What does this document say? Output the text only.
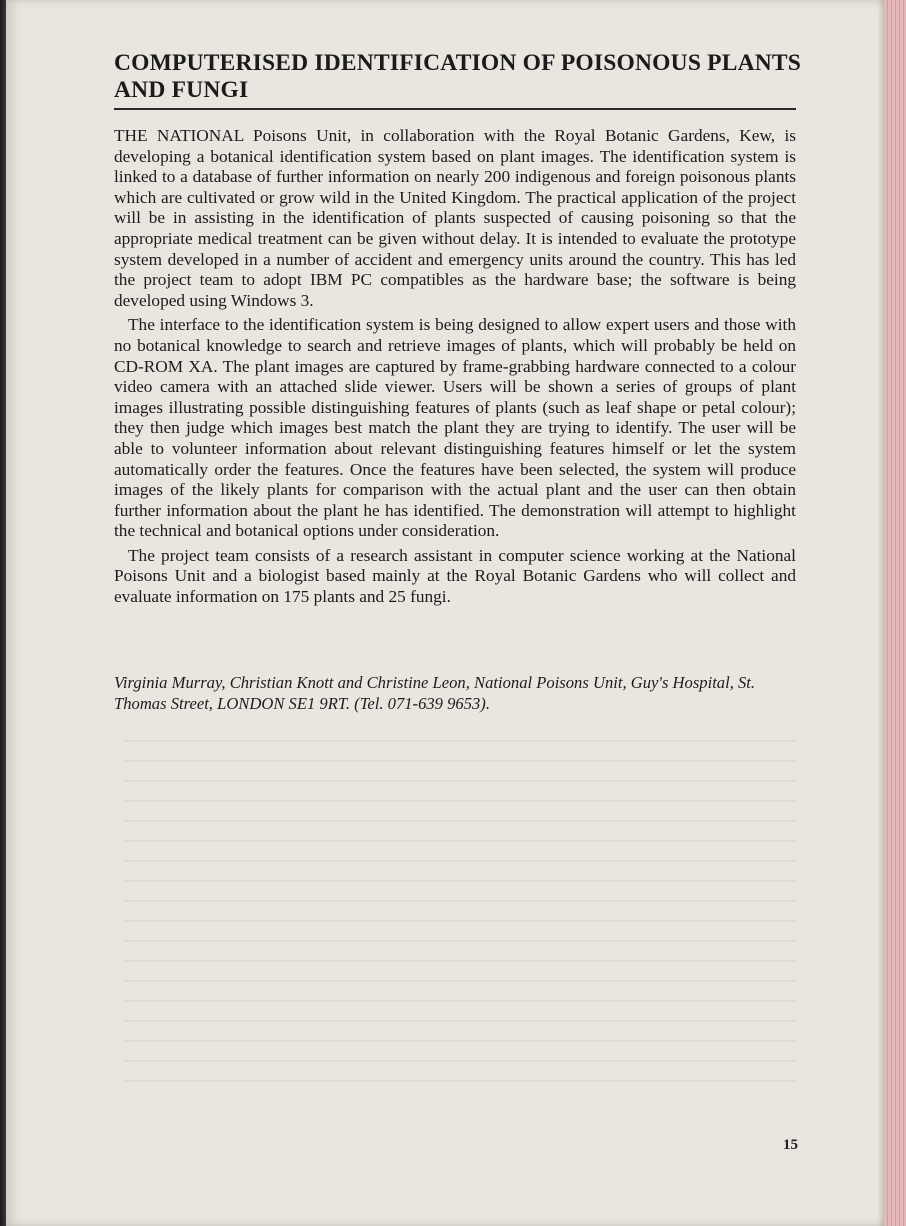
COMPUTERISED IDENTIFICATION OF POISONOUS PLANTS AND FUNGI

THE NATIONAL Poisons Unit, in collaboration with the Royal Botanic Gardens, Kew, is developing a botanical identification system based on plant images. The identification system is linked to a database of further information on nearly 200 indigenous and foreign poisonous plants which are cultivated or grow wild in the United Kingdom. The practical application of the project will be in assisting in the identification of plants suspected of causing poisoning so that the appropriate medical treatment can be given without delay. It is intended to evaluate the prototype system developed in a number of accident and emergency units around the country. This has led the project team to adopt IBM PC compatibles as the hardware base; the software is being developed using Windows 3.

The interface to the identification system is being designed to allow expert users and those with no botanical knowledge to search and retrieve images of plants, which will probably be held on CD-ROM XA. The plant images are captured by frame-grabbing hardware connected to a colour video camera with an attached slide viewer. Users will be shown a series of groups of plant images illustrating possible distinguishing features of plants (such as leaf shape or petal colour); they then judge which images best match the plant they are trying to identify. The user will be able to volunteer information about relevant distinguishing features himself or let the system automatically order the features. Once the features have been selected, the system will produce images of the likely plants for comparison with the actual plant and the user can then obtain further information about the plant he has identified. The demonstration will attempt to highlight the technical and botanical options under consideration.

The project team consists of a research assistant in computer science working at the National Poisons Unit and a biologist based mainly at the Royal Botanic Gardens who will collect and evaluate information on 175 plants and 25 fungi.

Virginia Murray, Christian Knott and Christine Leon, National Poisons Unit, Guy's Hospital, St. Thomas Street, LONDON SE1 9RT. (Tel. 071-639 9653).

15
